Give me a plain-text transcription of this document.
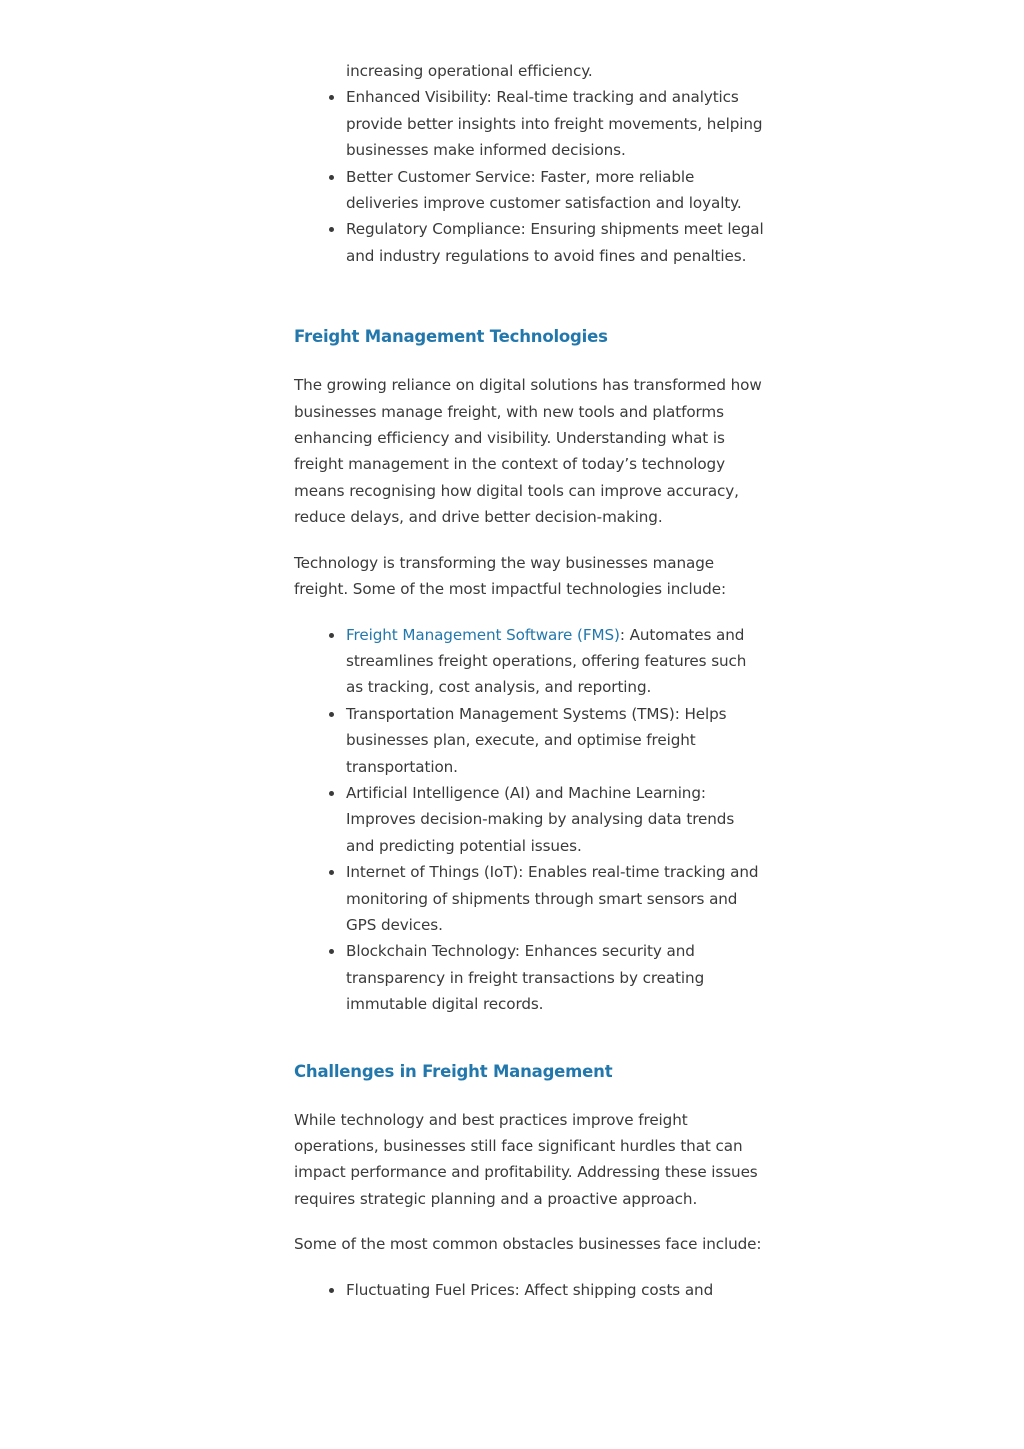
increasing operational efficiency.
Enhanced Visibility: Real-time tracking and analytics provide better insights into freight movements, helping businesses make informed decisions.
Better Customer Service: Faster, more reliable deliveries improve customer satisfaction and loyalty.
Regulatory Compliance: Ensuring shipments meet legal and industry regulations to avoid fines and penalties.
Freight Management Technologies

The growing reliance on digital solutions has transformed how businesses manage freight, with new tools and platforms enhancing efficiency and visibility. Understanding what is freight management in the context of today’s technology means recognising how digital tools can improve accuracy, reduce delays, and drive better decision-making.

Technology is transforming the way businesses manage freight. Some of the most impactful technologies include:

Freight Management Software (FMS): Automates and streamlines freight operations, offering features such as tracking, cost analysis, and reporting.
Transportation Management Systems (TMS): Helps businesses plan, execute, and optimise freight transportation.
Artificial Intelligence (AI) and Machine Learning: Improves decision-making by analysing data trends and predicting potential issues.
Internet of Things (IoT): Enables real-time tracking and monitoring of shipments through smart sensors and GPS devices.
Blockchain Technology: Enhances security and transparency in freight transactions by creating immutable digital records.
Challenges in Freight Management

While technology and best practices improve freight operations, businesses still face significant hurdles that can impact performance and profitability. Addressing these issues requires strategic planning and a proactive approach.

Some of the most common obstacles businesses face include:

Fluctuating Fuel Prices: Affect shipping costs and
